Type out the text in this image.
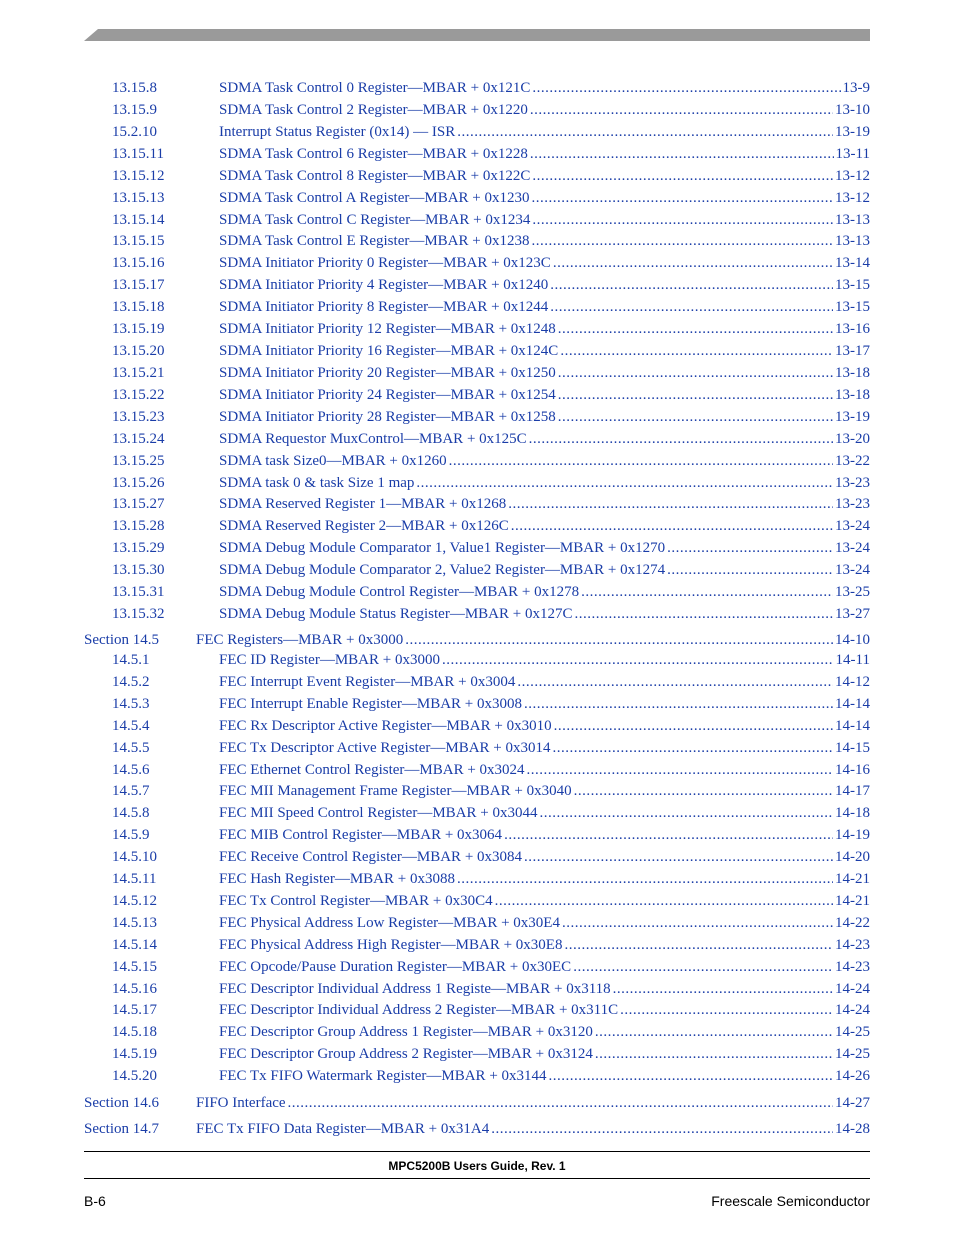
13.15.8	SDMA Task Control 0 Register—MBAR + 0x121C .....	13-9
13.15.9	SDMA Task Control 2 Register—MBAR + 0x1220 .....	13-10
15.2.10	Interrupt Status Register (0x14) — ISR .....	13-19
13.15.11	SDMA Task Control 6 Register—MBAR + 0x1228 .....	13-11
13.15.12	SDMA Task Control 8 Register—MBAR + 0x122C .....	13-12
13.15.13	SDMA Task Control A Register—MBAR + 0x1230 .....	13-12
13.15.14	SDMA Task Control C Register—MBAR + 0x1234 .....	13-13
13.15.15	SDMA Task Control E Register—MBAR + 0x1238 .....	13-13
13.15.16	SDMA Initiator Priority 0 Register—MBAR + 0x123C .....	13-14
13.15.17	SDMA Initiator Priority 4 Register—MBAR + 0x1240 .....	13-15
13.15.18	SDMA Initiator Priority 8 Register—MBAR + 0x1244 .....	13-15
13.15.19	SDMA Initiator Priority 12 Register—MBAR + 0x1248 .....	13-16
13.15.20	SDMA Initiator Priority 16 Register—MBAR + 0x124C .....	13-17
13.15.21	SDMA Initiator Priority 20 Register—MBAR + 0x1250 .....	13-18
13.15.22	SDMA Initiator Priority 24 Register—MBAR + 0x1254 .....	13-18
13.15.23	SDMA Initiator Priority 28 Register—MBAR + 0x1258 .....	13-19
13.15.24	SDMA Requestor MuxControl—MBAR + 0x125C .....	13-20
13.15.25	SDMA task Size0—MBAR + 0x1260 .....	13-22
13.15.26	SDMA task 0 & task Size 1 map .....	13-23
13.15.27	SDMA Reserved Register 1—MBAR + 0x1268 .....	13-23
13.15.28	SDMA Reserved Register 2—MBAR + 0x126C .....	13-24
13.15.29	SDMA Debug Module Comparator 1, Value1 Register—MBAR + 0x1270 .....	13-24
13.15.30	SDMA Debug Module Comparator 2, Value2 Register—MBAR + 0x1274 .....	13-24
13.15.31	SDMA Debug Module Control Register—MBAR + 0x1278 .....	13-25
13.15.32	SDMA Debug Module Status Register—MBAR + 0x127C .....	13-27
Section 14.5 FEC Registers—MBAR + 0x3000 .....	14-10
14.5.1	FEC ID Register—MBAR + 0x3000 .....	14-11
14.5.2	FEC Interrupt Event Register—MBAR + 0x3004 .....	14-12
14.5.3	FEC Interrupt Enable Register—MBAR + 0x3008 .....	14-14
14.5.4	FEC Rx Descriptor Active Register—MBAR + 0x3010 .....	14-14
14.5.5	FEC Tx Descriptor Active Register—MBAR + 0x3014 .....	14-15
14.5.6	FEC Ethernet Control Register—MBAR + 0x3024 .....	14-16
14.5.7	FEC MII Management Frame Register—MBAR + 0x3040 .....	14-17
14.5.8	FEC MII Speed Control Register—MBAR + 0x3044 .....	14-18
14.5.9	FEC MIB Control Register—MBAR + 0x3064 .....	14-19
14.5.10	FEC Receive Control Register—MBAR + 0x3084 .....	14-20
14.5.11	FEC Hash Register—MBAR + 0x3088 .....	14-21
14.5.12	FEC Tx Control Register—MBAR + 0x30C4 .....	14-21
14.5.13	FEC Physical Address Low Register—MBAR + 0x30E4 .....	14-22
14.5.14	FEC Physical Address High Register—MBAR + 0x30E8 .....	14-23
14.5.15	FEC Opcode/Pause Duration Register—MBAR + 0x30EC .....	14-23
14.5.16	FEC Descriptor Individual Address 1 Registe—MBAR + 0x3118 .....	14-24
14.5.17	FEC Descriptor Individual Address 2 Register—MBAR + 0x311C .....	14-24
14.5.18	FEC Descriptor Group Address 1 Register—MBAR + 0x3120 .....	14-25
14.5.19	FEC Descriptor Group Address 2 Register—MBAR + 0x3124 .....	14-25
14.5.20	FEC Tx FIFO Watermark Register—MBAR + 0x3144 .....	14-26
Section 14.6 FIFO Interface .....	14-27
Section 14.7 FEC Tx FIFO Data Register—MBAR + 0x31A4 .....	14-28
MPC5200B Users Guide, Rev. 1
B-6	Freescale Semiconductor
